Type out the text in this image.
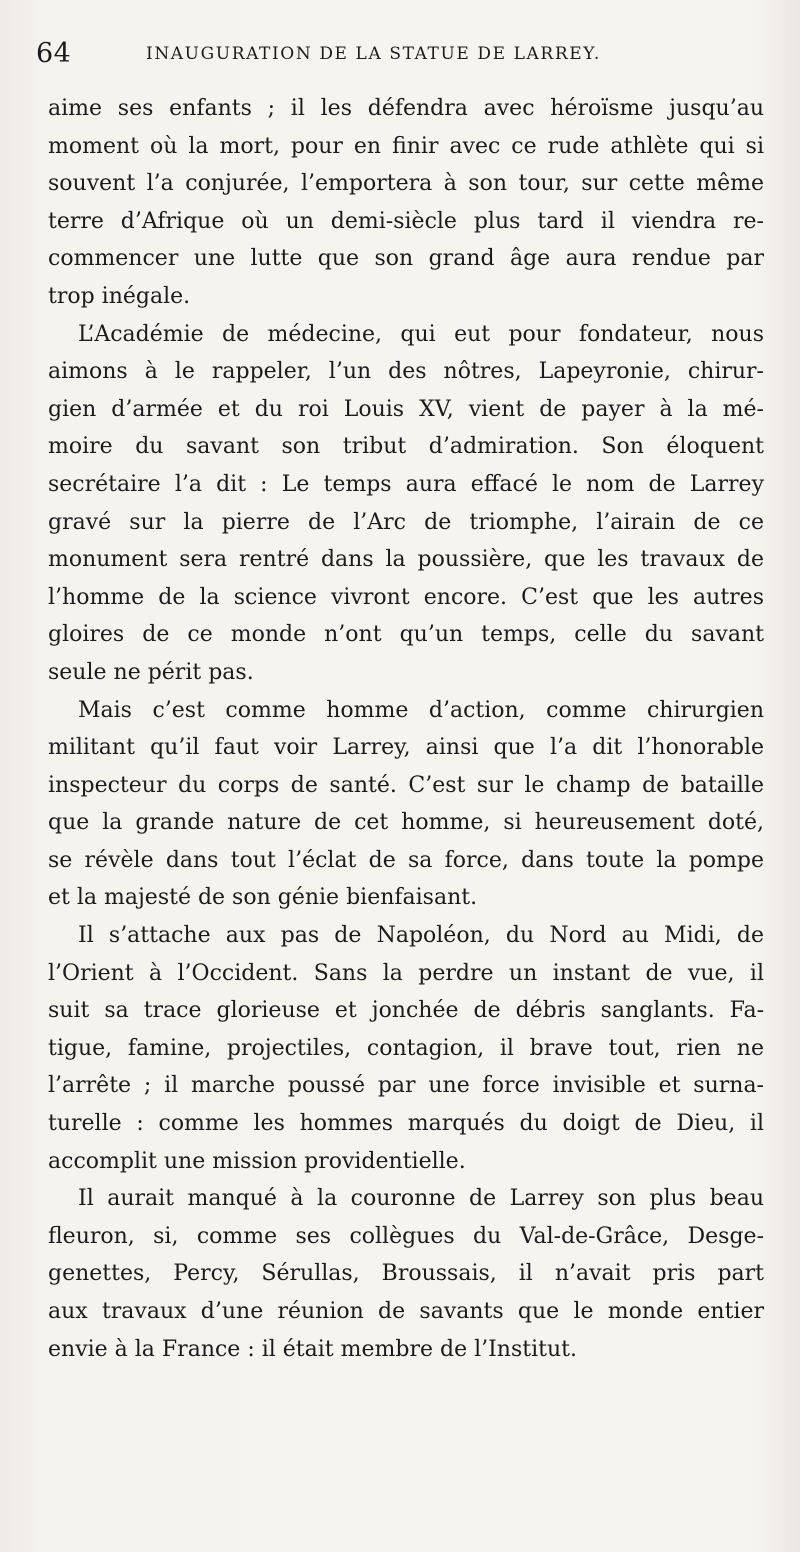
64	INAUGURATION DE LA STATUE DE LARREY.
aime ses enfants ; il les défendra avec héroïsme jusqu’au
moment où la mort, pour en finir avec ce rude athlète qui si
souvent l’a conjurée, l’emportera à son tour, sur cette même
terre d’Afrique où un demi-siècle plus tard il viendra re-
commencer une lutte que son grand âge aura rendue par
trop inégale.
L’Académie de médecine, qui eut pour fondateur, nous
aimons à le rappeler, l’un des nôtres, Lapeyronie, chirur-
gien d’armée et du roi Louis XV, vient de payer à la mé-
moire du savant son tribut d’admiration. Son éloquent
secrétaire l’a dit : Le temps aura effacé le nom de Larrey
gravé sur la pierre de l’Arc de triomphe, l’airain de ce
monument sera rentré dans la poussière, que les travaux de
l’homme de la science vivront encore. C’est que les autres
gloires de ce monde n’ont qu’un temps, celle du savant
seule ne périt pas.
Mais c’est comme homme d’action, comme chirurgien
militant qu’il faut voir Larrey, ainsi que l’a dit l’honorable
inspecteur du corps de santé. C’est sur le champ de bataille
que la grande nature de cet homme, si heureusement doté,
se révèle dans tout l’éclat de sa force, dans toute la pompe
et la majesté de son génie bienfaisant.
Il s’attache aux pas de Napoléon, du Nord au Midi, de
l’Orient à l’Occident. Sans la perdre un instant de vue, il
suit sa trace glorieuse et jonchée de débris sanglants. Fa-
tigue, famine, projectiles, contagion, il brave tout, rien ne
l’arrête ; il marche poussé par une force invisible et surna-
turelle : comme les hommes marqués du doigt de Dieu, il
accomplit une mission providentielle.
Il aurait manqué à la couronne de Larrey son plus beau
fleuron, si, comme ses collègues du Val-de-Grâce, Desge-
genettes, Percy, Sérullas, Broussais, il n’avait pris part
aux travaux d’une réunion de savants que le monde entier
envie à la France : il était membre de l’Institut.
